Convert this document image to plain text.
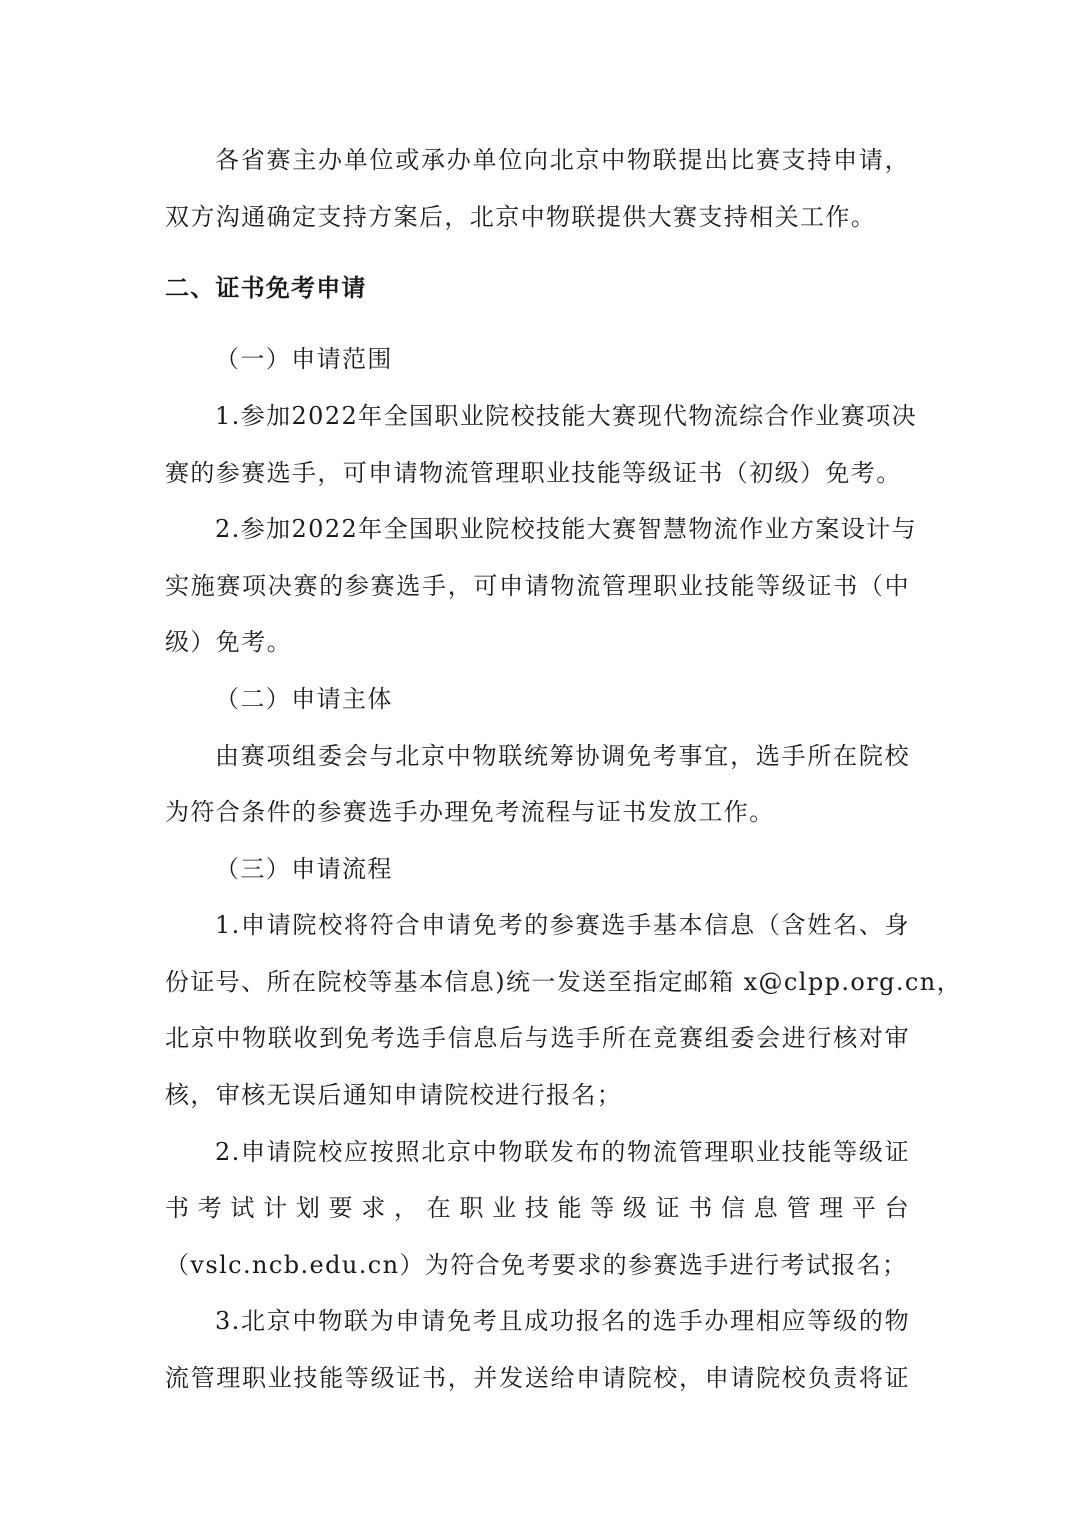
各省赛主办单位或承办单位向北京中物联提出比赛支持申请，
双方沟通确定支持方案后，北京中物联提供大赛支持相关工作。
二、证书免考申请
（一）申请范围
1.参加2022年全国职业院校技能大赛现代物流综合作业赛项决
赛的参赛选手，可申请物流管理职业技能等级证书（初级）免考。
2.参加2022年全国职业院校技能大赛智慧物流作业方案设计与
实施赛项决赛的参赛选手，可申请物流管理职业技能等级证书（中
级）免考。
（二）申请主体
由赛项组委会与北京中物联统筹协调免考事宜，选手所在院校
为符合条件的参赛选手办理免考流程与证书发放工作。
（三）申请流程
1.申请院校将符合申请免考的参赛选手基本信息（含姓名、身
份证号、所在院校等基本信息)统一发送至指定邮箱 x@clpp.org.cn，
北京中物联收到免考选手信息后与选手所在竞赛组委会进行核对审
核，审核无误后通知申请院校进行报名；
2.申请院校应按照北京中物联发布的物流管理职业技能等级证
书考试计划要求，在职业技能等级证书信息管理平台
（vslc.ncb.edu.cn）为符合免考要求的参赛选手进行考试报名；
3.北京中物联为申请免考且成功报名的选手办理相应等级的物
流管理职业技能等级证书，并发送给申请院校，申请院校负责将证
